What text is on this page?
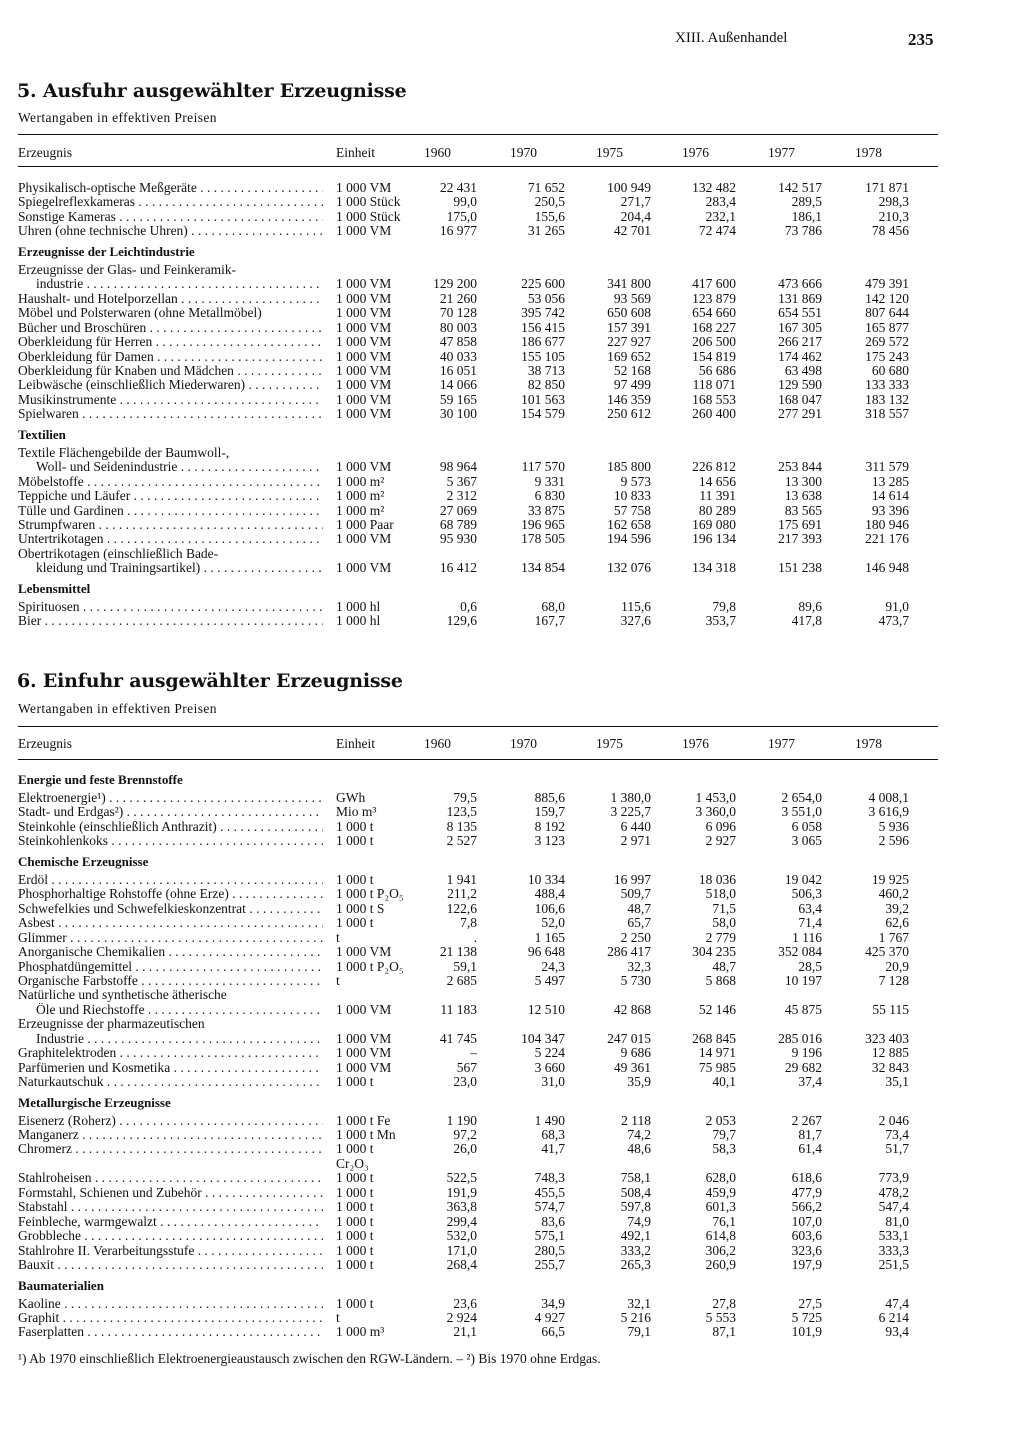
XIII. Außenhandel	235
5. Ausfuhr ausgewählter Erzeugnisse
Wertangaben in effektiven Preisen
Erzeugnis	Einheit	1960	1970	1975	1976	1977	1978
Physikalisch-optische Meßgeräte . . .	1 000 VM	22 431	71 652	100 949	132 482	142 517	171 871
Spiegelreflexkameras . . .	1 000 Stück	99,0	250,5	271,7	283,4	289,5	298,3
Sonstige Kameras . . .	1 000 Stück	175,0	155,6	204,4	232,1	186,1	210,3
Uhren (ohne technische Uhren) . . .	1 000 VM	16 977	31 265	42 701	72 474	73 786	78 456
Erzeugnisse der Leichtindustrie
Erzeugnisse der Glas- und Feinkeramik-
industrie . . .	1 000 VM	129 200	225 600	341 800	417 600	473 666	479 391
Haushalt- und Hotelporzellan . . .	1 000 VM	21 260	53 056	93 569	123 879	131 869	142 120
Möbel und Polsterwaren (ohne Metallmöbel)	1 000 VM	70 128	395 742	650 608	654 660	654 551	807 644
Bücher und Broschüren . . .	1 000 VM	80 003	156 415	157 391	168 227	167 305	165 877
Oberkleidung für Herren . . .	1 000 VM	47 858	186 677	227 927	206 500	266 217	269 572
Oberkleidung für Damen . . .	1 000 VM	40 033	155 105	169 652	154 819	174 462	175 243
Oberkleidung für Knaben und Mädchen . . .	1 000 VM	16 051	38 713	52 168	56 686	63 498	60 680
Leibwäsche (einschließlich Miederwaren) . . .	1 000 VM	14 066	82 850	97 499	118 071	129 590	133 333
Musikinstrumente . . .	1 000 VM	59 165	101 563	146 359	168 553	168 047	183 132
Spielwaren . . .	1 000 VM	30 100	154 579	250 612	260 400	277 291	318 557
Textilien
Textile Flächengebilde der Baumwoll-,
Woll- und Seidenindustrie . . .	1 000 VM	98 964	117 570	185 800	226 812	253 844	311 579
Möbelstoffe . . .	1 000 m²	5 367	9 331	9 573	14 656	13 300	13 285
Teppiche und Läufer . . .	1 000 m²	2 312	6 830	10 833	11 391	13 638	14 614
Tülle und Gardinen . . .	1 000 m²	27 069	33 875	57 758	80 289	83 565	93 396
Strumpfwaren . . .	1 000 Paar	68 789	196 965	162 658	169 080	175 691	180 946
Untertrikotagen . . .	1 000 VM	95 930	178 505	194 596	196 134	217 393	221 176
Obertrikotagen (einschließlich Bade-
kleidung und Trainingsartikel) . . .	1 000 VM	16 412	134 854	132 076	134 318	151 238	146 948
Lebensmittel
Spirituosen . . .	1 000 hl	0,6	68,0	115,6	79,8	89,6	91,0
Bier . . .	1 000 hl	129,6	167,7	327,6	353,7	417,8	473,7
6. Einfuhr ausgewählter Erzeugnisse
Wertangaben in effektiven Preisen
Erzeugnis	Einheit	1960	1970	1975	1976	1977	1978
Energie und feste Brennstoffe
Elektroenergie¹) . . .	GWh	79,5	885,6	1 380,0	1 453,0	2 654,0	4 008,1
Stadt- und Erdgas²) . . .	Mio m³	123,5	159,7	3 225,7	3 360,0	3 551,0	3 616,9
Steinkohle (einschließlich Anthrazit) . . .	1 000 t	8 135	8 192	6 440	6 096	6 058	5 936
Steinkohlenkoks . . .	1 000 t	2 527	3 123	2 971	2 927	3 065	2 596
Chemische Erzeugnisse
Erdöl . . .	1 000 t	1 941	10 334	16 997	18 036	19 042	19 925
Phosphorhaltige Rohstoffe (ohne Erze) . . .	1 000 t P₂O₅	211,2	488,4	509,7	518,0	506,3	460,2
Schwefelkies und Schwefelkieskonzentrat . . .	1 000 t S	122,6	106,6	48,7	71,5	63,4	39,2
Asbest . . .	1 000 t	7,8	52,0	65,7	58,0	71,4	62,6
Glimmer . . .	t	.	1 165	2 250	2 779	1 116	1 767
Anorganische Chemikalien . . .	1 000 VM	21 138	96 648	286 417	304 235	352 084	425 370
Phosphatdüngemittel . . .	1 000 t P₂O₅	59,1	24,3	32,3	48,7	28,5	20,9
Organische Farbstoffe . . .	t	2 685	5 497	5 730	5 868	10 197	7 128
Natürliche und synthetische ätherische
Öle und Riechstoffe . . .	1 000 VM	11 183	12 510	42 868	52 146	45 875	55 115
Erzeugnisse der pharmazeutischen
Industrie . . .	1 000 VM	41 745	104 347	247 015	268 845	285 016	323 403
Graphitelektroden . . .	1 000 VM	–	5 224	9 686	14 971	9 196	12 885
Parfümerien und Kosmetika . . .	1 000 VM	567	3 660	49 361	75 985	29 682	32 843
Naturkautschuk . . .	1 000 t	23,0	31,0	35,9	40,1	37,4	35,1
Metallurgische Erzeugnisse
Eisenerz (Roherz) . . .	1 000 t Fe	1 190	1 490	2 118	2 053	2 267	2 046
Manganerz . . .	1 000 t Mn	97,2	68,3	74,2	79,7	81,7	73,4
Chromerz . . .	1 000 t	26,0	41,7	48,6	58,3	61,4	51,7
Cr₂O₃
Stahlroheisen . . .	1 000 t	522,5	748,3	758,1	628,0	618,6	773,9
Formstahl, Schienen und Zubehör . . .	1 000 t	191,9	455,5	508,4	459,9	477,9	478,2
Stabstahl . . .	1 000 t	363,8	574,7	597,8	601,3	566,2	547,4
Feinbleche, warmgewalzt . . .	1 000 t	299,4	83,6	74,9	76,1	107,0	81,0
Grobbleche . . .	1 000 t	532,0	575,1	492,1	614,8	603,6	533,1
Stahlrohre II. Verarbeitungsstufe . . .	1 000 t	171,0	280,5	333,2	306,2	323,6	333,3
Bauxit . . .	1 000 t	268,4	255,7	265,3	260,9	197,9	251,5
Baumaterialien
Kaoline . . .	1 000 t	23,6	34,9	32,1	27,8	27,5	47,4
Graphit . . .	t	2 924	4 927	5 216	5 553	5 725	6 214
Faserplatten . . .	1 000 m³	21,1	66,5	79,1	87,1	101,9	93,4
¹) Ab 1970 einschließlich Elektroenergieaustausch zwischen den RGW-Ländern. – ²) Bis 1970 ohne Erdgas.
